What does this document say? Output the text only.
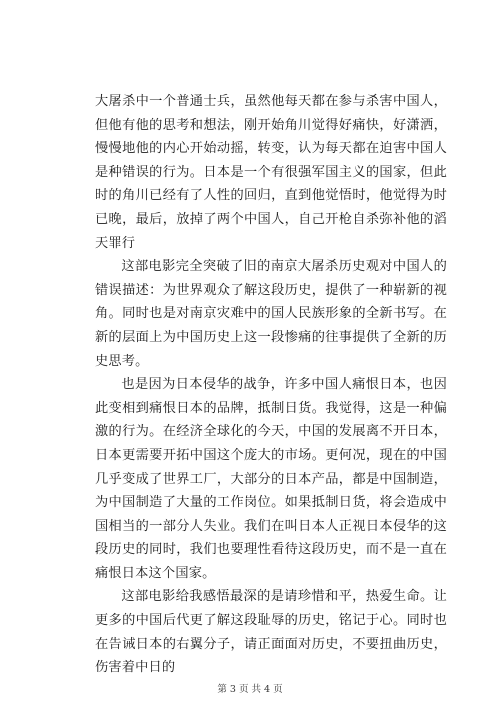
大屠杀中一个普通士兵，虽然他每天都在参与杀害中国人，但他有他的思考和想法，刚开始角川觉得好痛快，好潇洒，慢慢地他的内心开始动摇，转变，认为每天都在迫害中国人是种错误的行为。日本是一个有很强军国主义的国家，但此时的角川已经有了人性的回归，直到他觉悟时，他觉得为时已晚，最后，放掉了两个中国人，自己开枪自杀弥补他的滔天罪行

这部电影完全突破了旧的南京大屠杀历史观对中国人的错误描述：为世界观众了解这段历史，提供了一种崭新的视角。同时也是对南京灾难中的国人民族形象的全新书写。在新的层面上为中国历史上这一段惨痛的往事提供了全新的历史思考。

也是因为日本侵华的战争，许多中国人痛恨日本，也因此变相到痛恨日本的品牌，抵制日货。我觉得，这是一种偏激的行为。在经济全球化的今天，中国的发展离不开日本，日本更需要开拓中国这个庞大的市场。更何况，现在的中国几乎变成了世界工厂，大部分的日本产品，都是中国制造，为中国制造了大量的工作岗位。如果抵制日货，将会造成中国相当的一部分人失业。我们在叫日本人正视日本侵华的这段历史的同时，我们也要理性看待这段历史，而不是一直在痛恨日本这个国家。

这部电影给我感悟最深的是请珍惜和平，热爱生命。让更多的中国后代更了解这段耻辱的历史，铭记于心。同时也在告诫日本的右翼分子，请正面面对历史，不要扭曲历史，伤害着中日的

第 3 页 共 4 页
